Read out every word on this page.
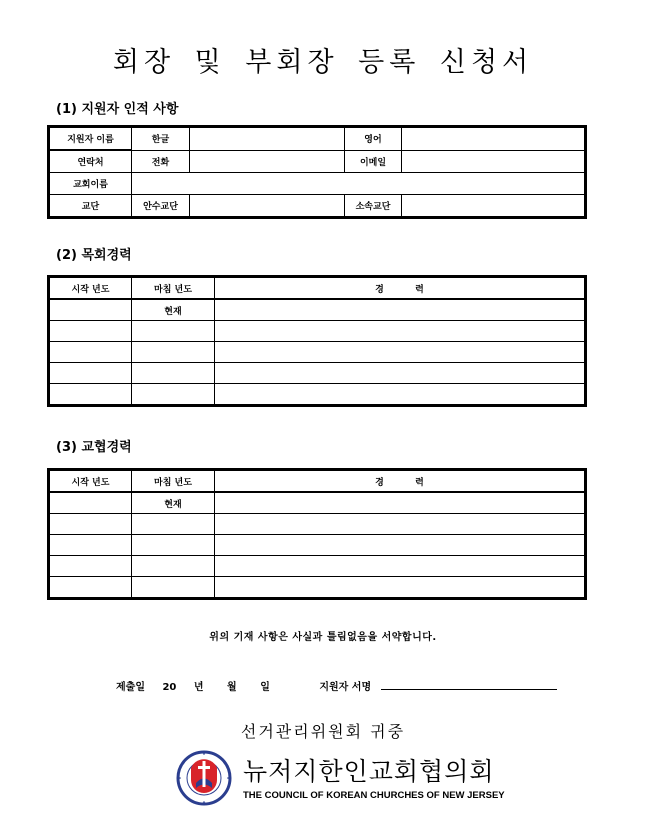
회장 및 부회장 등록 신청서
(1) 지원자 인적 사항
지원자 이름	한글		영어	
연락처	전화		이메일	
교회이름				
교단	안수교단		소속교단	
(2) 목회경력
시작 년도	마침 년도	경          력
	현재	

(3) 교협경력
시작 년도	마침 년도	경          력
	현재	

위의 기재 사항은 사실과 틀림없음을 서약합니다.
제출일 20 년 월 일	지원자 서명
선거관리위원회 귀중
뉴저지한인교회협의회
THE COUNCIL OF KOREAN CHURCHES OF NEW JERSEY
